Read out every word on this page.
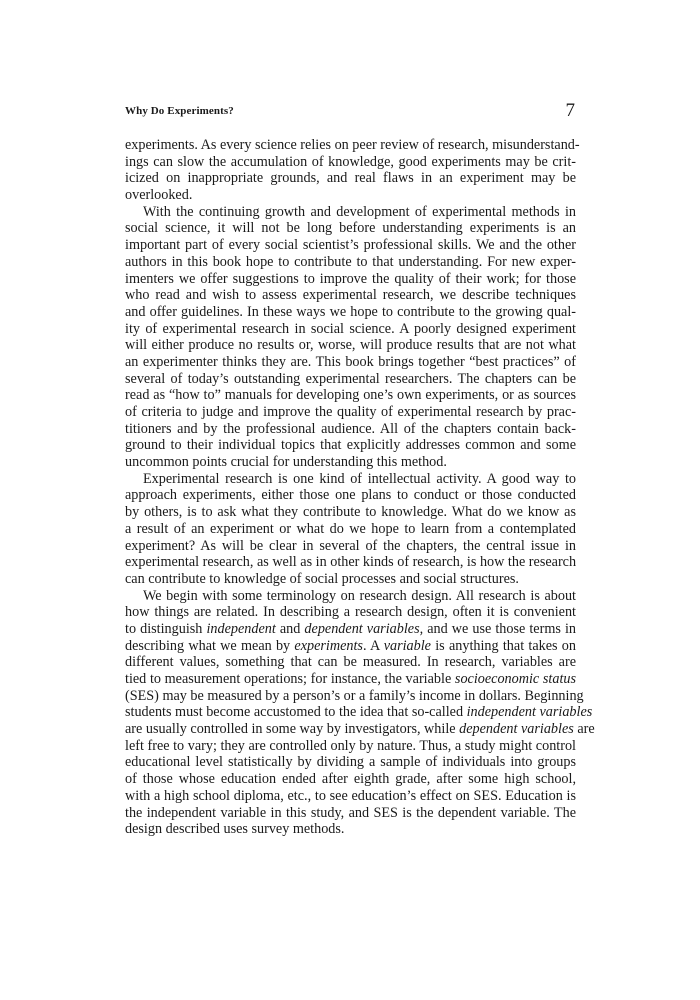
Why Do Experiments?	7
experiments. As every science relies on peer review of research, misunderstand-
ings can slow the accumulation of knowledge, good experiments may be crit-
icized on inappropriate grounds, and real flaws in an experiment may be
overlooked.
With the continuing growth and development of experimental methods in
social science, it will not be long before understanding experiments is an
important part of every social scientist’s professional skills. We and the other
authors in this book hope to contribute to that understanding. For new exper-
imenters we offer suggestions to improve the quality of their work; for those
who read and wish to assess experimental research, we describe techniques
and offer guidelines. In these ways we hope to contribute to the growing qual-
ity of experimental research in social science. A poorly designed experiment
will either produce no results or, worse, will produce results that are not what
an experimenter thinks they are. This book brings together “best practices” of
several of today’s outstanding experimental researchers. The chapters can be
read as “how to” manuals for developing one’s own experiments, or as sources
of criteria to judge and improve the quality of experimental research by prac-
titioners and by the professional audience. All of the chapters contain back-
ground to their individual topics that explicitly addresses common and some
uncommon points crucial for understanding this method.
Experimental research is one kind of intellectual activity. A good way to
approach experiments, either those one plans to conduct or those conducted
by others, is to ask what they contribute to knowledge. What do we know as
a result of an experiment or what do we hope to learn from a contemplated
experiment? As will be clear in several of the chapters, the central issue in
experimental research, as well as in other kinds of research, is how the research
can contribute to knowledge of social processes and social structures.
We begin with some terminology on research design. All research is about
how things are related. In describing a research design, often it is convenient
to distinguish independent and dependent variables, and we use those terms in
describing what we mean by experiments. A variable is anything that takes on
different values, something that can be measured. In research, variables are
tied to measurement operations; for instance, the variable socioeconomic status
(SES) may be measured by a person’s or a family’s income in dollars. Beginning
students must become accustomed to the idea that so-called independent variables
are usually controlled in some way by investigators, while dependent variables are
left free to vary; they are controlled only by nature. Thus, a study might control
educational level statistically by dividing a sample of individuals into groups
of those whose education ended after eighth grade, after some high school,
with a high school diploma, etc., to see education’s effect on SES. Education is
the independent variable in this study, and SES is the dependent variable. The
design described uses survey methods.
